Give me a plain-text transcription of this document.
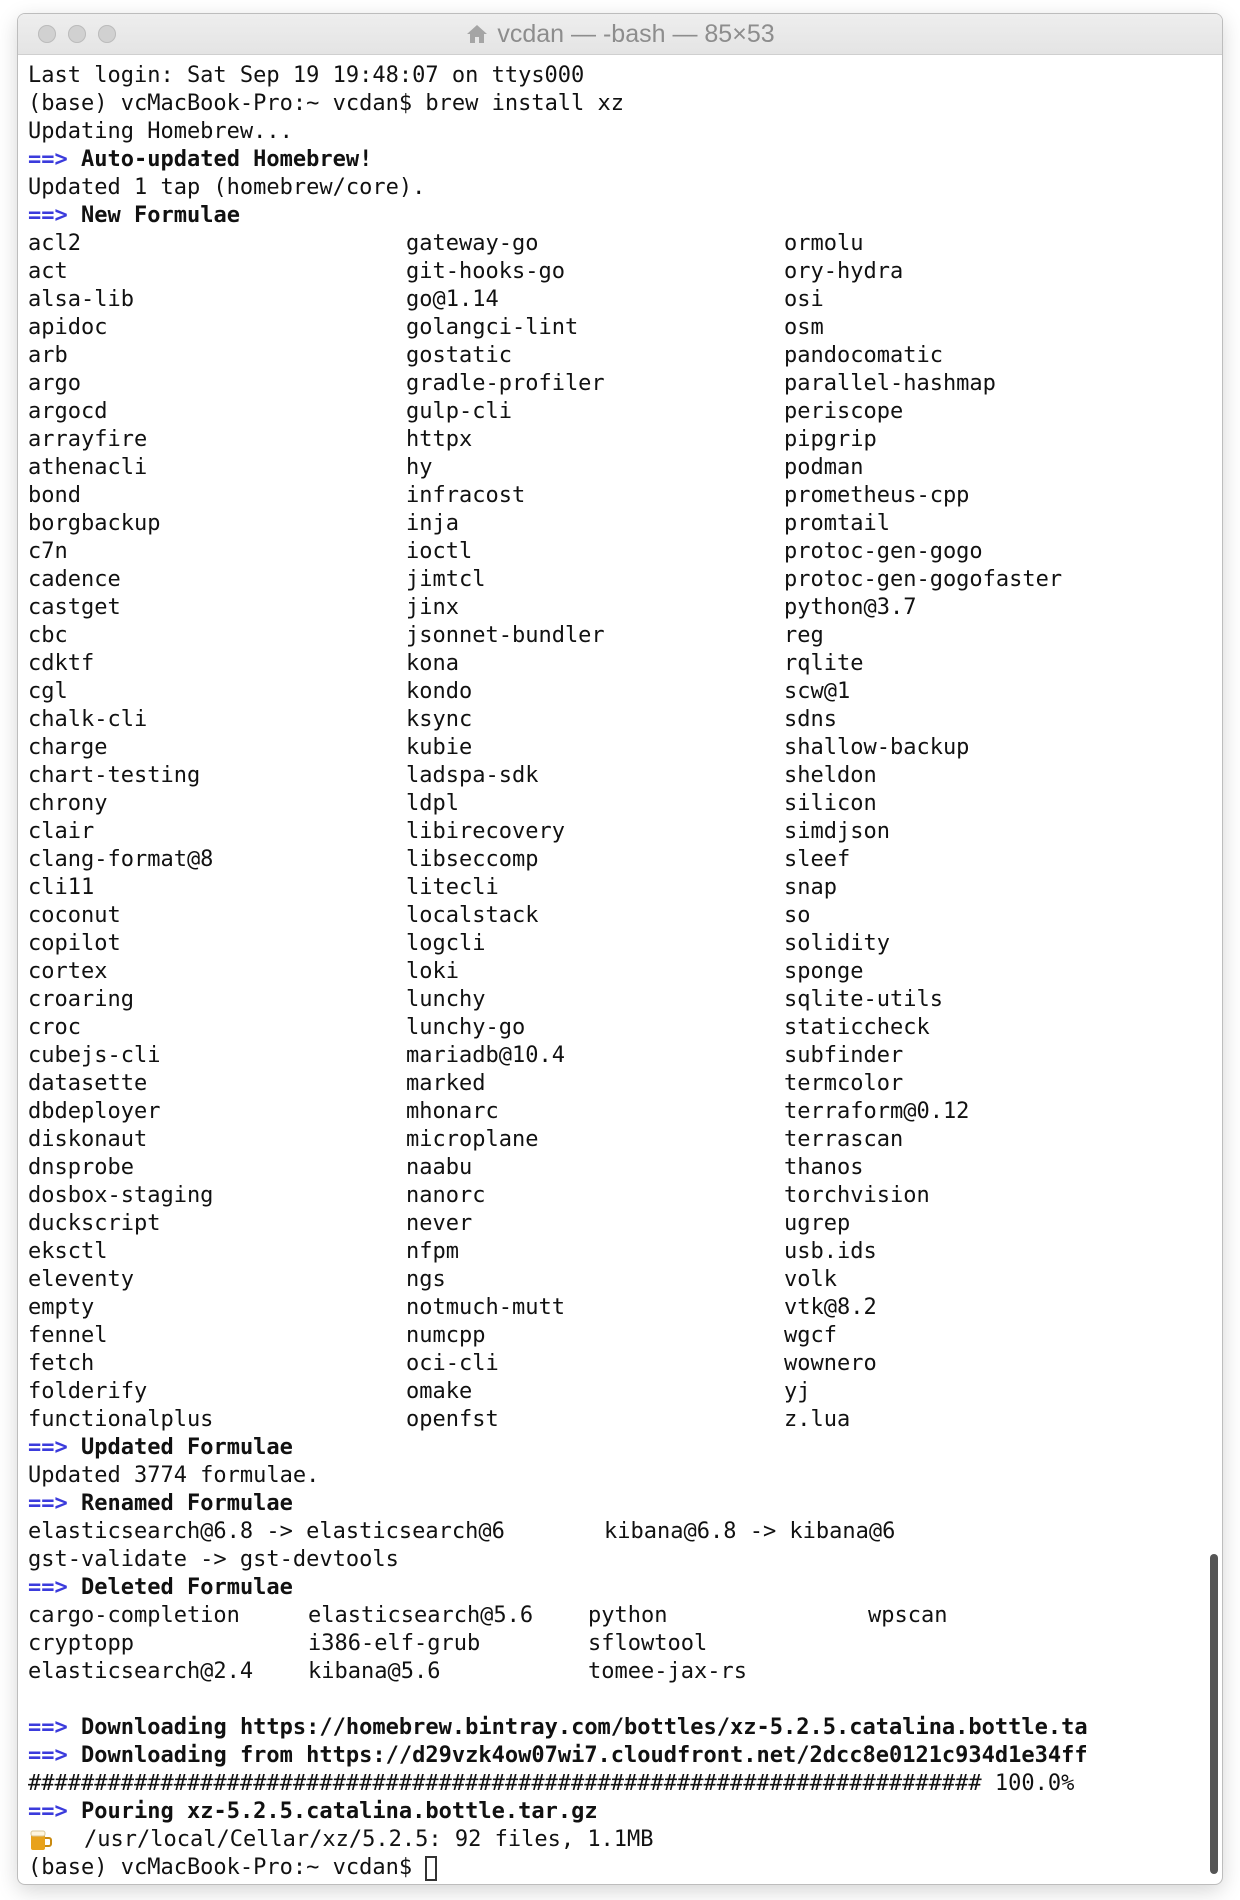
vcdan — -bash — 85×53
Last login: Sat Sep 19 19:48:07 on ttys000
(base) vcMacBook-Pro:~ vcdan$ brew install xz
Updating Homebrew...
==>
Auto-updated Homebrew!
Updated 1 tap (homebrew/core).
==>
New Formulae
acl2	gateway-go	ormolu
act	git-hooks-go	ory-hydra
alsa-lib	go@1.14	osi
apidoc	golangci-lint	osm
arb	gostatic	pandocomatic
argo	gradle-profiler	parallel-hashmap
argocd	gulp-cli	periscope
arrayfire	httpx	pipgrip
athenacli	hy	podman
bond	infracost	prometheus-cpp
borgbackup	inja	promtail
c7n	ioctl	protoc-gen-gogo
cadence	jimtcl	protoc-gen-gogofaster
castget	jinx	python@3.7
cbc	jsonnet-bundler	reg
cdktf	kona	rqlite
cgl	kondo	scw@1
chalk-cli	ksync	sdns
charge	kubie	shallow-backup
chart-testing	ladspa-sdk	sheldon
chrony	ldpl	silicon
clair	libirecovery	simdjson
clang-format@8	libseccomp	sleef
cli11	litecli	snap
coconut	localstack	so
copilot	logcli	solidity
cortex	loki	sponge
croaring	lunchy	sqlite-utils
croc	lunchy-go	staticcheck
cubejs-cli	mariadb@10.4	subfinder
datasette	marked	termcolor
dbdeployer	mhonarc	terraform@0.12
diskonaut	microplane	terrascan
dnsprobe	naabu	thanos
dosbox-staging	nanorc	torchvision
duckscript	never	ugrep
eksctl	nfpm	usb.ids
eleventy	ngs	volk
empty	notmuch-mutt	vtk@8.2
fennel	numcpp	wgcf
fetch	oci-cli	wownero
folderify	omake	yj
functionalplus	openfst	z.lua
==>
Updated Formulae
Updated 3774 formulae.
==>
Renamed Formulae
elasticsearch@6.8 -> elasticsearch@6	kibana@6.8 -> kibana@6
gst-validate -> gst-devtools
==>
Deleted Formulae
cargo-completion	elasticsearch@5.6	python	wpscan
cryptopp	i386-elf-grub	sflowtool
elasticsearch@2.4	kibana@5.6	tomee-jax-rs
==>
Downloading https://homebrew.bintray.com/bottles/xz-5.2.5.catalina.bottle.ta
==>
Downloading from https://d29vzk4ow07wi7.cloudfront.net/2dcc8e0121c934d1e34ff
######################################################################## 100.0%
==>
Pouring xz-5.2.5.catalina.bottle.tar.gz
/usr/local/Cellar/xz/5.2.5: 92 files, 1.1MB
(base) vcMacBook-Pro:~ vcdan$
